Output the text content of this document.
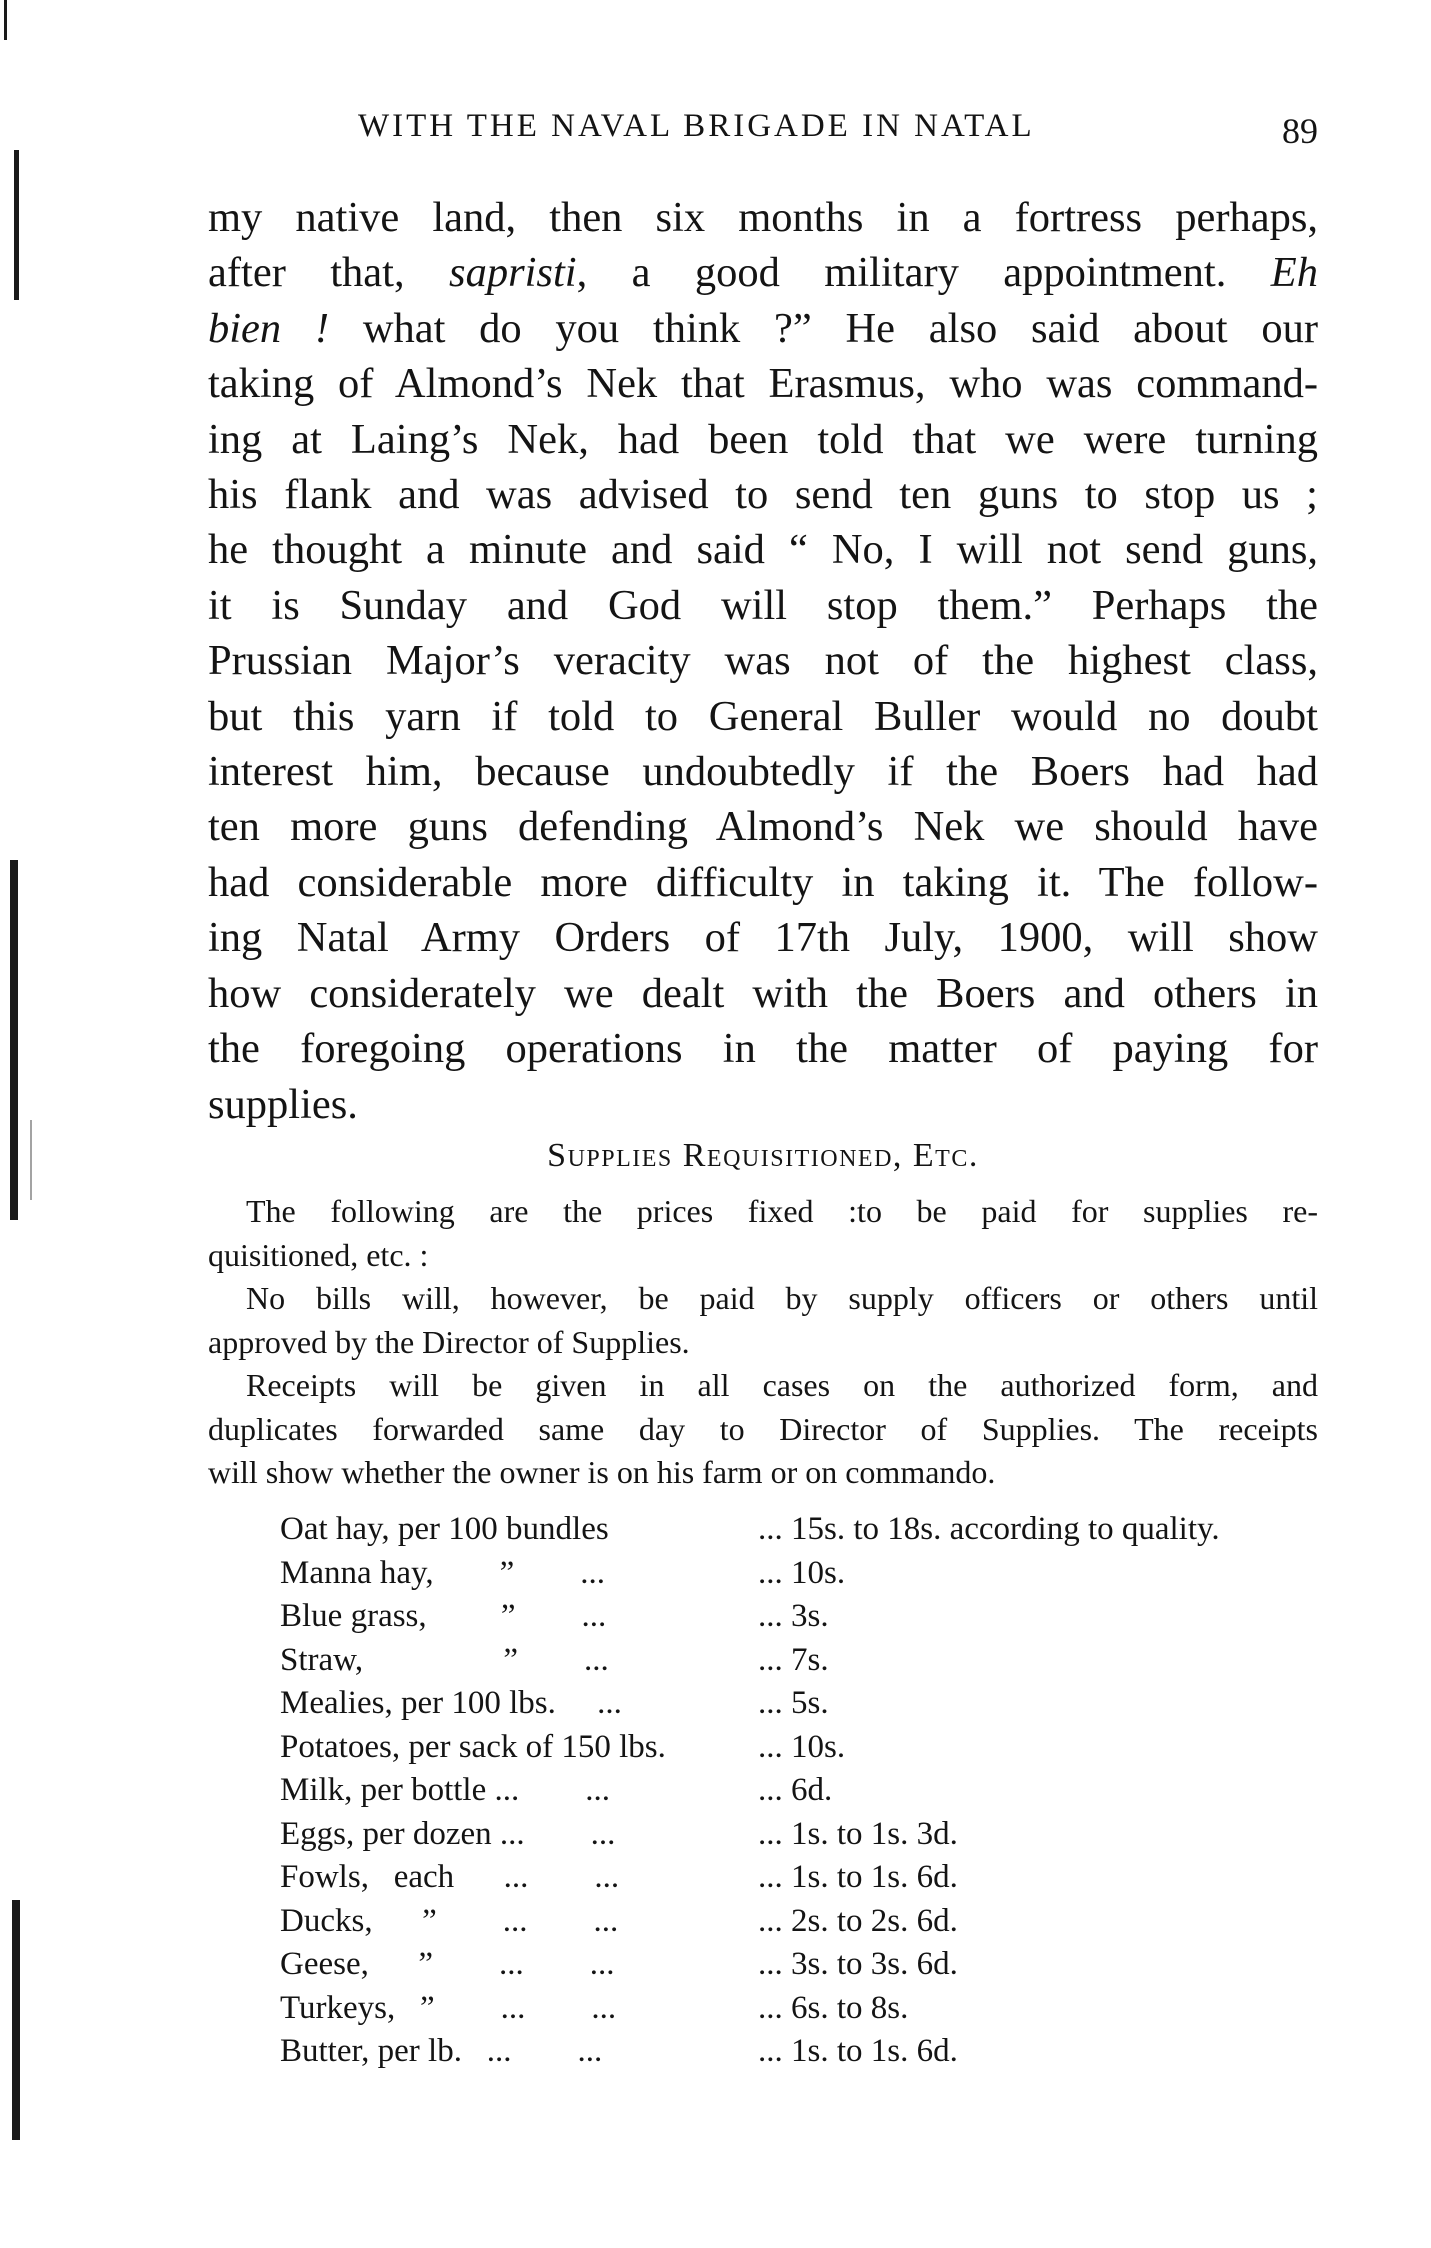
WITH THE NAVAL BRIGADE IN NATAL	89
my native land, then six months in a fortress perhaps,
after that, sapristi, a good military appointment. Eh
bien ! what do you think ?” He also said about our
taking of Almond’s Nek that Erasmus, who was command-
ing at Laing’s Nek, had been told that we were turning
his flank and was advised to send ten guns to stop us ;
he thought a minute and said “ No, I will not send guns,
it is Sunday and God will stop them.” Perhaps the
Prussian Major’s veracity was not of the highest class,
but this yarn if told to General Buller would no doubt
interest him, because undoubtedly if the Boers had had
ten more guns defending Almond’s Nek we should have
had considerable more difficulty in taking it. The follow-
ing Natal Army Orders of 17th July, 1900, will show
how considerately we dealt with the Boers and others in
the foregoing operations in the matter of paying for
supplies.
Supplies Requisitioned, Etc.
The following are the prices fixed :to be paid for supplies re-
quisitioned, etc. :
No bills will, however, be paid by supply officers or others until
approved by the Director of Supplies.
Receipts will be given in all cases on the authorized form, and
duplicates forwarded same day to Director of Supplies. The receipts
will show whether the owner is on his farm or on commando.
Oat hay, per 100 bundles	... 15s. to 18s. according to quality.
Manna hay,        ”        ...	... 10s.
Blue grass,         ”        ...	... 3s.
Straw,                 ”        ...	... 7s.
Mealies, per 100 lbs.     ...	... 5s.
Potatoes, per sack of 150 lbs.	... 10s.
Milk, per bottle ...        ...	... 6d.
Eggs, per dozen ...        ...	... 1s. to 1s. 3d.
Fowls,   each      ...        ...	... 1s. to 1s. 6d.
Ducks,      ”        ...        ...	... 2s. to 2s. 6d.
Geese,      ”        ...        ...	... 3s. to 3s. 6d.
Turkeys,   ”        ...        ...	... 6s. to 8s.
Butter, per lb.   ...        ...	... 1s. to 1s. 6d.
